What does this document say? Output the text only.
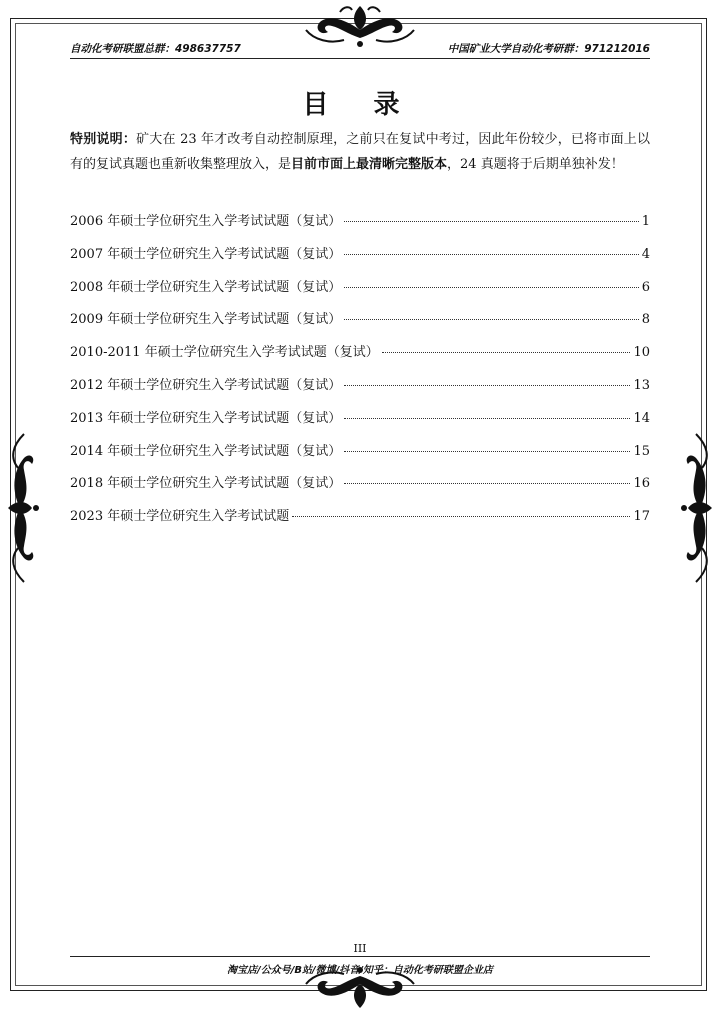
自动化考研联盟总群：498637757	中国矿业大学自动化考研群：971212016
目 录
特别说明：矿大在 23 年才改考自动控制原理，之前只在复试中考过，因此年份较少，已将市面上以有的复试真题也重新收集整理放入，是目前市面上最清晰完整版本，24 真题将于后期单独补发！
2006 年硕士学位研究生入学考试试题（复试）	1
2007 年硕士学位研究生入学考试试题（复试）	4
2008 年硕士学位研究生入学考试试题（复试）	6
2009 年硕士学位研究生入学考试试题（复试）	8
2010-2011 年硕士学位研究生入学考试试题（复试）	10
2012 年硕士学位研究生入学考试试题（复试）	13
2013 年硕士学位研究生入学考试试题（复试）	14
2014 年硕士学位研究生入学考试试题（复试）	15
2018 年硕士学位研究生入学考试试题（复试）	16
2023 年硕士学位研究生入学考试试题	17
III
淘宝店/公众号/B站/微博/抖音/知乎：自动化考研联盟企业店
